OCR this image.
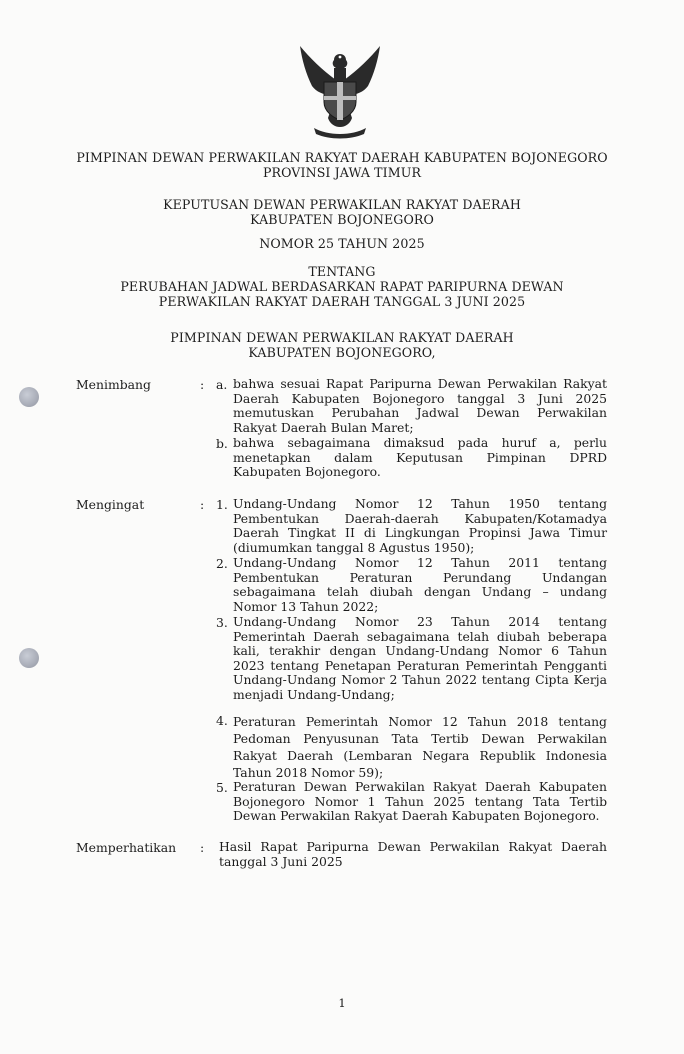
PIMPINAN DEWAN PERWAKILAN RAKYAT DAERAH KABUPATEN BOJONEGORO
PROVINSI JAWA TIMUR
KEPUTUSAN DEWAN PERWAKILAN RAKYAT DAERAH
KABUPATEN BOJONEGORO
NOMOR 25 TAHUN 2025
TENTANG
PERUBAHAN JADWAL BERDASARKAN RAPAT PARIPURNA DEWAN
PERWAKILAN RAKYAT DAERAH TANGGAL 3 JUNI 2025
PIMPINAN DEWAN PERWAKILAN RAKYAT DAERAH
KABUPATEN BOJONEGORO,
Menimbang	: a. bahwa sesuai Rapat Paripurna Dewan Perwakilan Rakyat
Daerah Kabupaten Bojonegoro tanggal 3 Juni 2025
memutuskan Perubahan Jadwal Dewan Perwakilan
Rakyat Daerah Bulan Maret;
b. bahwa sebagaimana dimaksud pada huruf a, perlu
menetapkan dalam Keputusan Pimpinan DPRD
Kabupaten Bojonegoro.
Mengingat	: 1. Undang-Undang Nomor 12 Tahun 1950 tentang
Pembentukan Daerah-daerah Kabupaten/Kotamadya
Daerah Tingkat II di Lingkungan Propinsi Jawa Timur
(diumumkan tanggal 8 Agustus 1950);
2. Undang-Undang Nomor 12 Tahun 2011 tentang
Pembentukan Peraturan Perundang Undangan
sebagaimana telah diubah dengan Undang – undang
Nomor 13 Tahun 2022;
3. Undang-Undang Nomor 23 Tahun 2014 tentang
Pemerintah Daerah sebagaimana telah diubah beberapa
kali, terakhir dengan Undang-Undang Nomor 6 Tahun
2023 tentang Penetapan Peraturan Pemerintah Pengganti
Undang-Undang Nomor 2 Tahun 2022 tentang Cipta Kerja
menjadi Undang-Undang;
4. Peraturan Pemerintah Nomor 12 Tahun 2018 tentang
Pedoman Penyusunan Tata Tertib Dewan Perwakilan
Rakyat Daerah (Lembaran Negara Republik Indonesia
Tahun 2018 Nomor 59);
5. Peraturan Dewan Perwakilan Rakyat Daerah Kabupaten
Bojonegoro Nomor 1 Tahun 2025 tentang Tata Tertib
Dewan Perwakilan Rakyat Daerah Kabupaten Bojonegoro.
Memperhatikan : Hasil Rapat Paripurna Dewan Perwakilan Rakyat Daerah
tanggal 3 Juni 2025
1
